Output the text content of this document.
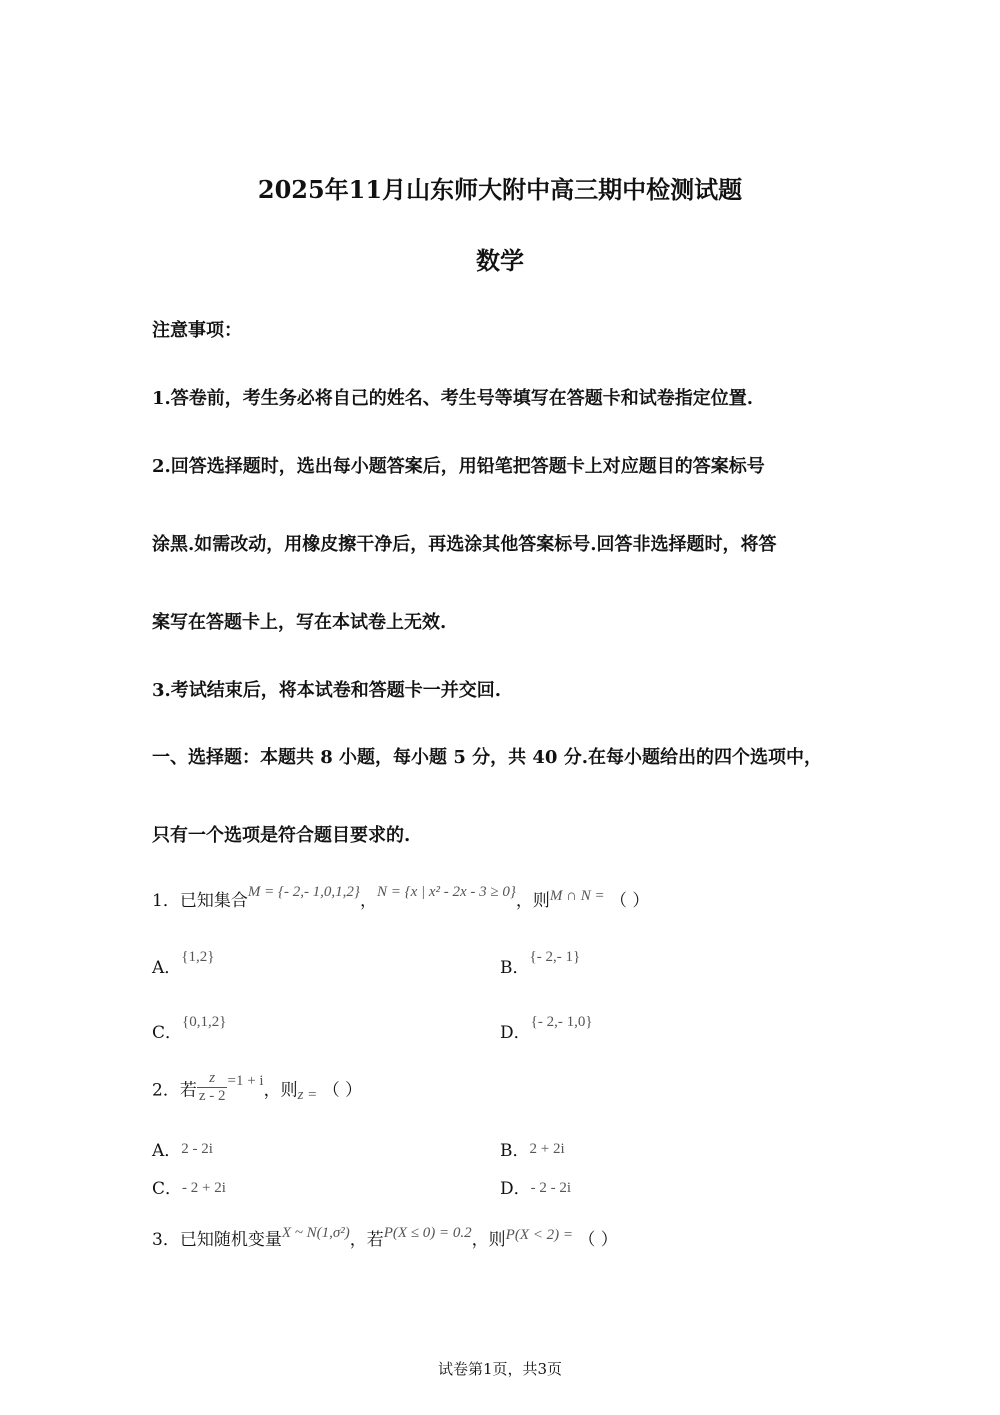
2025年11月山东师大附中高三期中检测试题
数学
注意事项：
1.答卷前，考生务必将自己的姓名、考生号等填写在答题卡和试卷指定位置.
2.回答选择题时，选出每小题答案后，用铅笔把答题卡上对应题目的答案标号
涂黑.如需改动，用橡皮擦干净后，再选涂其他答案标号.回答非选择题时，将答
案写在答题卡上，写在本试卷上无效.
3.考试结束后，将本试卷和答题卡一并交回.
一、选择题：本题共 8 小题，每小题 5 分，共 40 分.在每小题给出的四个选项中，
只有一个选项是符合题目要求的.
1．已知集合M = {- 2,- 1,0,1,2}，N = {x | x² - 2x - 3 ≥ 0}，则M ∩ N = （ ）
A．{1,2}
B．{- 2,- 1}
C．{0,1,2}
D．{- 2,- 1,0}
2．若 $\frac{z}{z - 2} =1 + i$，则z = （ ）
A．2 - 2i	B．2 + 2i
C．- 2 + 2i	D．- 2 - 2i
3．已知随机变量X ~ N(1,σ²)，若P(X ≤ 0) = 0.2，则P(X < 2) = （ ）
试卷第1页，共3页
